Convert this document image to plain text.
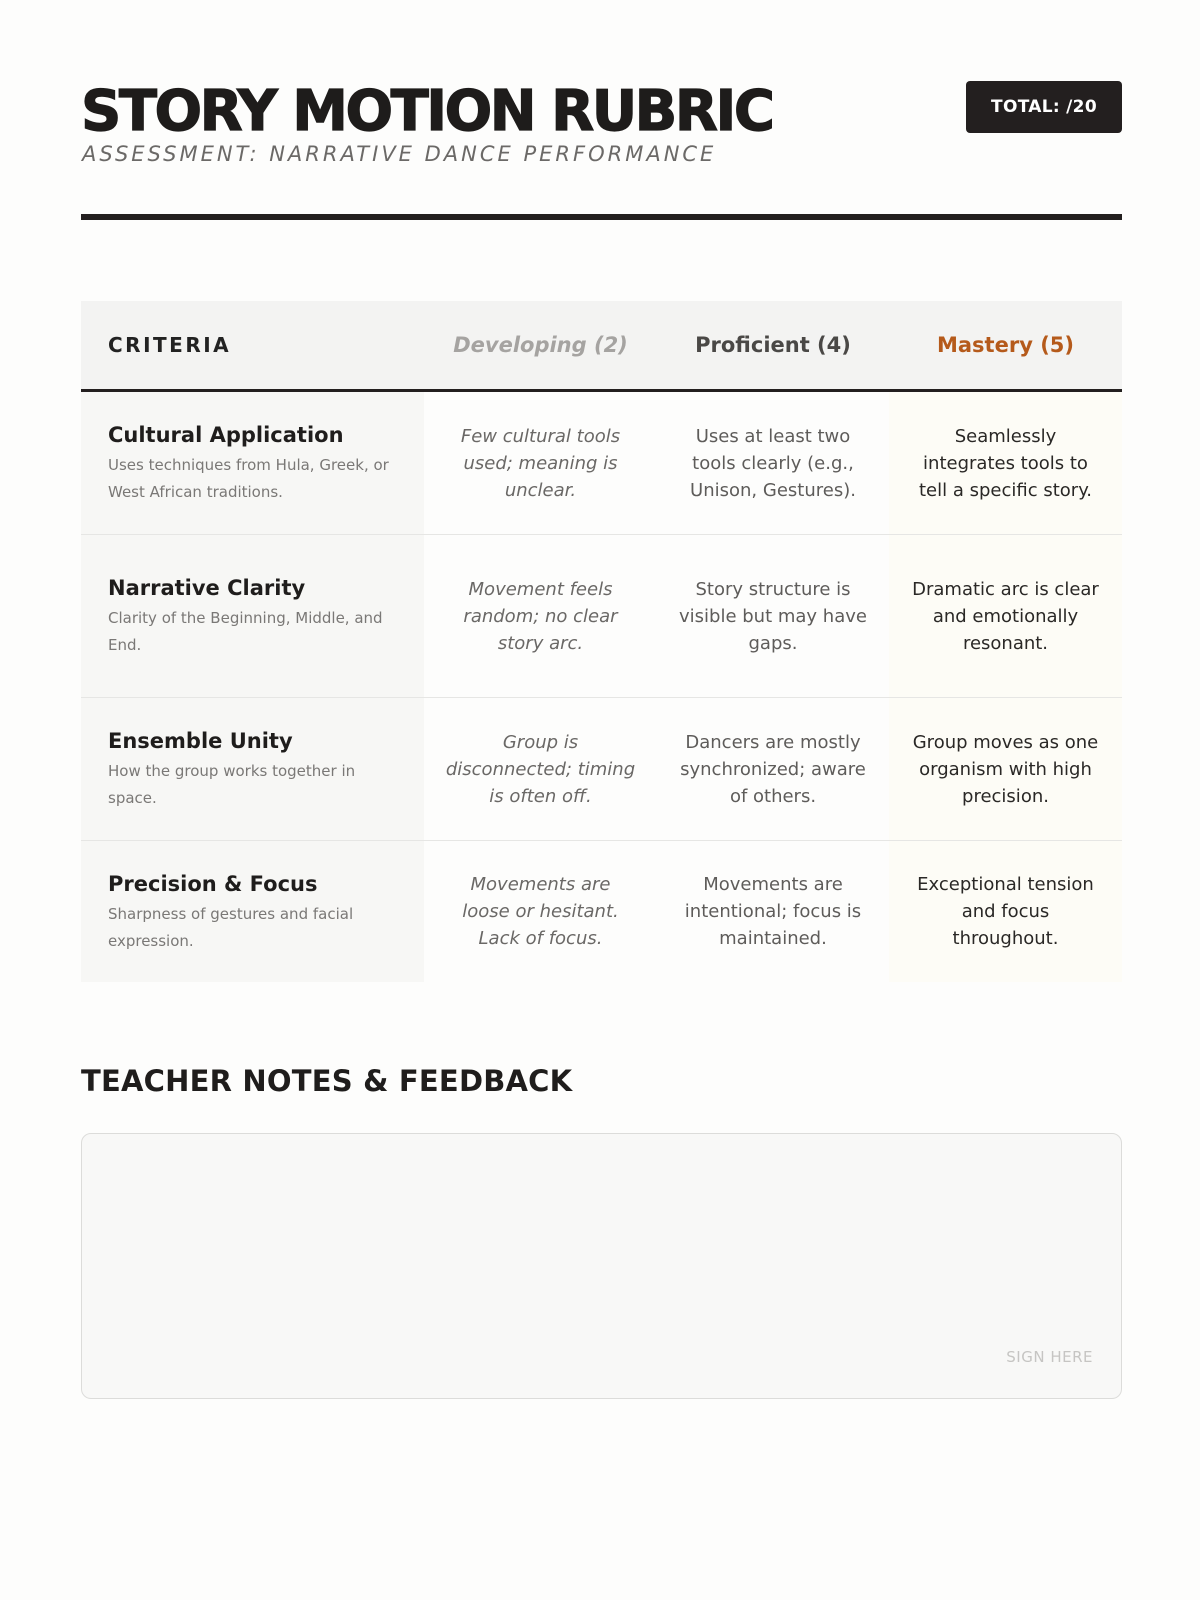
STORY MOTION RUBRIC
ASSESSMENT: NARRATIVE DANCE PERFORMANCE
TOTAL: /20
CRITERIA	Developing (2)	Proficient (4)	Mastery (5)

Cultural Application
Uses techniques from Hula, Greek, or West African traditions.	Few cultural tools used; meaning is unclear.	Uses at least two tools clearly (e.g., Unison, Gestures).	Seamlessly integrates tools to tell a specific story.

Narrative Clarity
Clarity of the Beginning, Middle, and End.	Movement feels random; no clear story arc.	Story structure is visible but may have gaps.	Dramatic arc is clear and emotionally resonant.

Ensemble Unity
How the group works together in space.	Group is disconnected; timing is often off.	Dancers are mostly synchronized; aware of others.	Group moves as one organism with high precision.

Precision & Focus
Sharpness of gestures and facial expression.	Movements are loose or hesitant. Lack of focus.	Movements are intentional; focus is maintained.	Exceptional tension and focus throughout.
TEACHER NOTES & FEEDBACK
SIGN HERE
